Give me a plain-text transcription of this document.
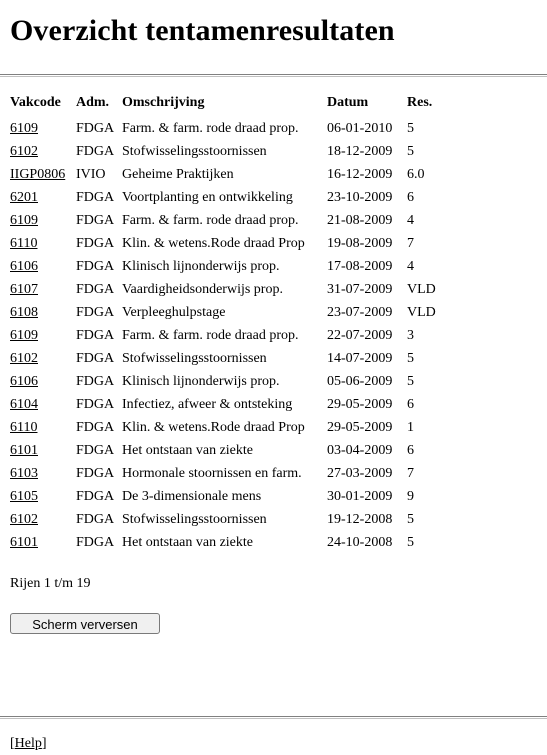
Overzicht tentamenresultaten
Vakcode	Adm.	Omschrijving	Datum	Res.
6109	FDGA	Farm. & farm. rode draad prop.	06-01-2010	5
6102	FDGA	Stofwisselingsstoornissen	18-12-2009	5
IIGP0806	IVIO	Geheime Praktijken	16-12-2009	6.0
6201	FDGA	Voortplanting en ontwikkeling	23-10-2009	6
6109	FDGA	Farm. & farm. rode draad prop.	21-08-2009	4
6110	FDGA	Klin. & wetens.Rode draad Prop	19-08-2009	7
6106	FDGA	Klinisch lijnonderwijs prop.	17-08-2009	4
6107	FDGA	Vaardigheidsonderwijs prop.	31-07-2009	VLD
6108	FDGA	Verpleeghulpstage	23-07-2009	VLD
6109	FDGA	Farm. & farm. rode draad prop.	22-07-2009	3
6102	FDGA	Stofwisselingsstoornissen	14-07-2009	5
6106	FDGA	Klinisch lijnonderwijs prop.	05-06-2009	5
6104	FDGA	Infectiez, afweer & ontsteking	29-05-2009	6
6110	FDGA	Klin. & wetens.Rode draad Prop	29-05-2009	1
6101	FDGA	Het ontstaan van ziekte	03-04-2009	6
6103	FDGA	Hormonale stoornissen en farm.	27-03-2009	7
6105	FDGA	De 3-dimensionale mens	30-01-2009	9
6102	FDGA	Stofwisselingsstoornissen	19-12-2008	5
6101	FDGA	Het ontstaan van ziekte	24-10-2008	5
Rijen 1 t/m 19
Scherm verversen
[Help]
